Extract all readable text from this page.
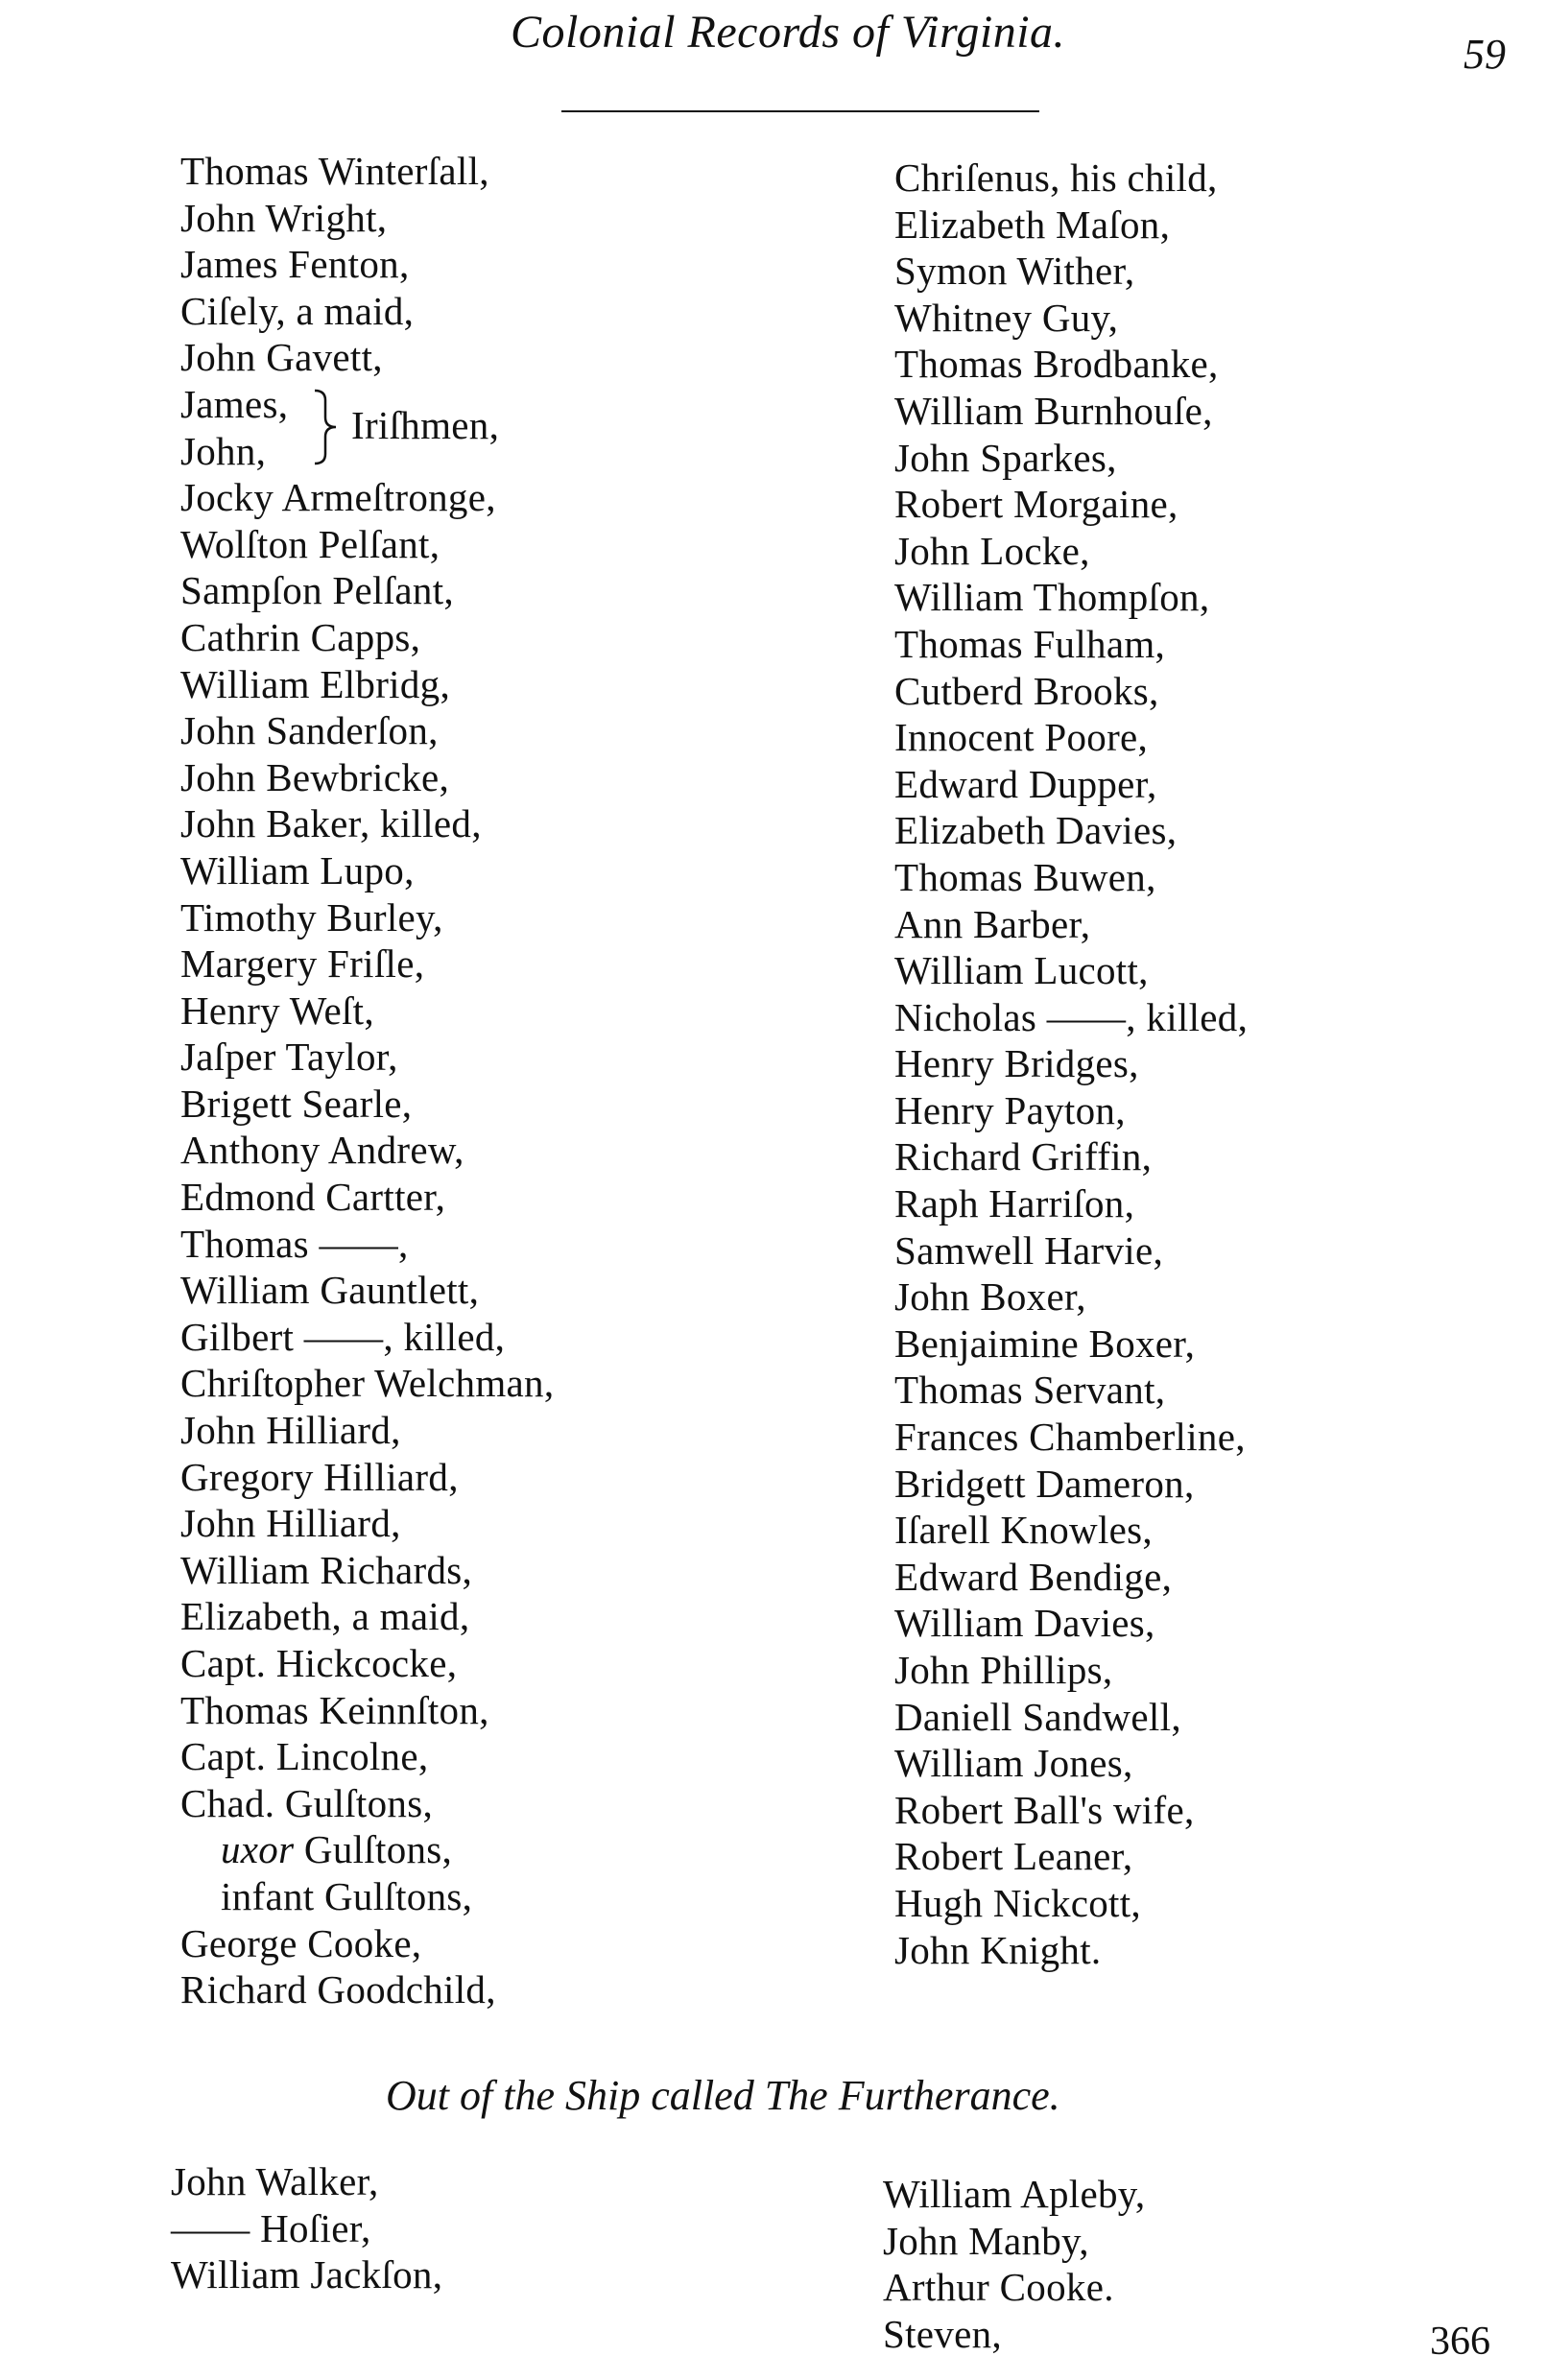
Colonial Records of Virginia.	59
Thomas Winterſall,
John Wright,
James Fenton,
Ciſely, a maid,
John Gavett,
James,
John,
Iriſhmen,
Jocky Armeſtronge,
Wolſton Pelſant,
Sampſon Pelſant,
Cathrin Capps,
William Elbridg,
John Sanderſon,
John Bewbricke,
John Baker, killed,
William Lupo,
Timothy Burley,
Margery Friſle,
Henry Weſt,
Jaſper Taylor,
Brigett Searle,
Anthony Andrew,
Edmond Cartter,
Thomas ——,
William Gauntlett,
Gilbert ——, killed,
Chriſtopher Welchman,
John Hilliard,
Gregory Hilliard,
John Hilliard,
William Richards,
Elizabeth, a maid,
Capt. Hickcocke,
Thomas Keinnſton,
Capt. Lincolne,
Chad. Gulſtons,
uxor Gulſtons,
infant Gulſtons,
George Cooke,
Richard Goodchild,
Chriſenus, his child,
Elizabeth Maſon,
Symon Wither,
Whitney Guy,
Thomas Brodbanke,
William Burnhouſe,
John Sparkes,
Robert Morgaine,
John Locke,
William Thompſon,
Thomas Fulham,
Cutberd Brooks,
Innocent Poore,
Edward Dupper,
Elizabeth Davies,
Thomas Buwen,
Ann Barber,
William Lucott,
Nicholas ——, killed,
Henry Bridges,
Henry Payton,
Richard Griffin,
Raph Harriſon,
Samwell Harvie,
John Boxer,
Benjaimine Boxer,
Thomas Servant,
Frances Chamberline,
Bridgett Dameron,
Iſarell Knowles,
Edward Bendige,
William Davies,
John Phillips,
Daniell Sandwell,
William Jones,
Robert Ball's wife,
Robert Leaner,
Hugh Nickcott,
John Knight.
Out of the Ship called The Furtherance.
John Walker,
—— Hoſier,
William Jackſon,
William Apleby,
John Manby,
Arthur Cooke.
Steven,	366
